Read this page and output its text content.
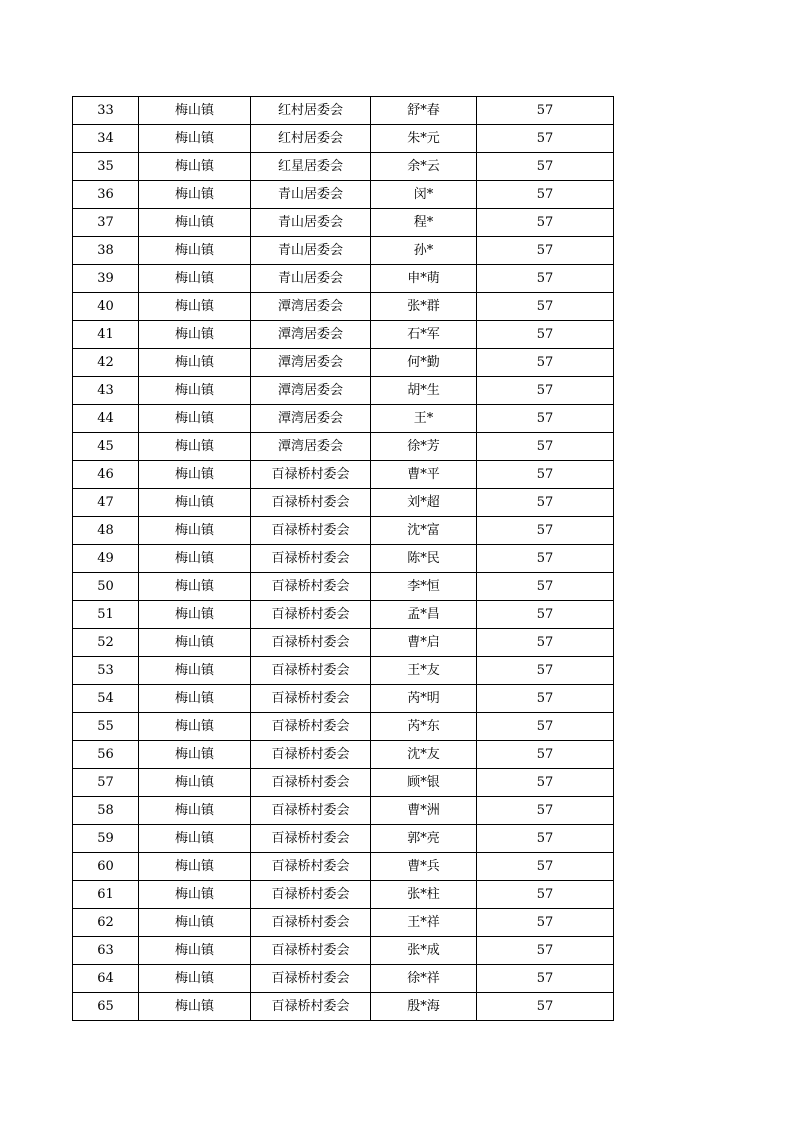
33	梅山镇	红村居委会	舒*春	57
34	梅山镇	红村居委会	朱*元	57
35	梅山镇	红星居委会	余*云	57
36	梅山镇	青山居委会	闵*	57
37	梅山镇	青山居委会	程*	57
38	梅山镇	青山居委会	孙*	57
39	梅山镇	青山居委会	申*萌	57
40	梅山镇	潭湾居委会	张*群	57
41	梅山镇	潭湾居委会	石*军	57
42	梅山镇	潭湾居委会	何*勤	57
43	梅山镇	潭湾居委会	胡*生	57
44	梅山镇	潭湾居委会	王*	57
45	梅山镇	潭湾居委会	徐*芳	57
46	梅山镇	百禄桥村委会	曹*平	57
47	梅山镇	百禄桥村委会	刘*超	57
48	梅山镇	百禄桥村委会	沈*富	57
49	梅山镇	百禄桥村委会	陈*民	57
50	梅山镇	百禄桥村委会	李*恒	57
51	梅山镇	百禄桥村委会	孟*昌	57
52	梅山镇	百禄桥村委会	曹*启	57
53	梅山镇	百禄桥村委会	王*友	57
54	梅山镇	百禄桥村委会	芮*明	57
55	梅山镇	百禄桥村委会	芮*东	57
56	梅山镇	百禄桥村委会	沈*友	57
57	梅山镇	百禄桥村委会	顾*银	57
58	梅山镇	百禄桥村委会	曹*洲	57
59	梅山镇	百禄桥村委会	郭*亮	57
60	梅山镇	百禄桥村委会	曹*兵	57
61	梅山镇	百禄桥村委会	张*柱	57
62	梅山镇	百禄桥村委会	王*祥	57
63	梅山镇	百禄桥村委会	张*成	57
64	梅山镇	百禄桥村委会	徐*祥	57
65	梅山镇	百禄桥村委会	殷*海	57
